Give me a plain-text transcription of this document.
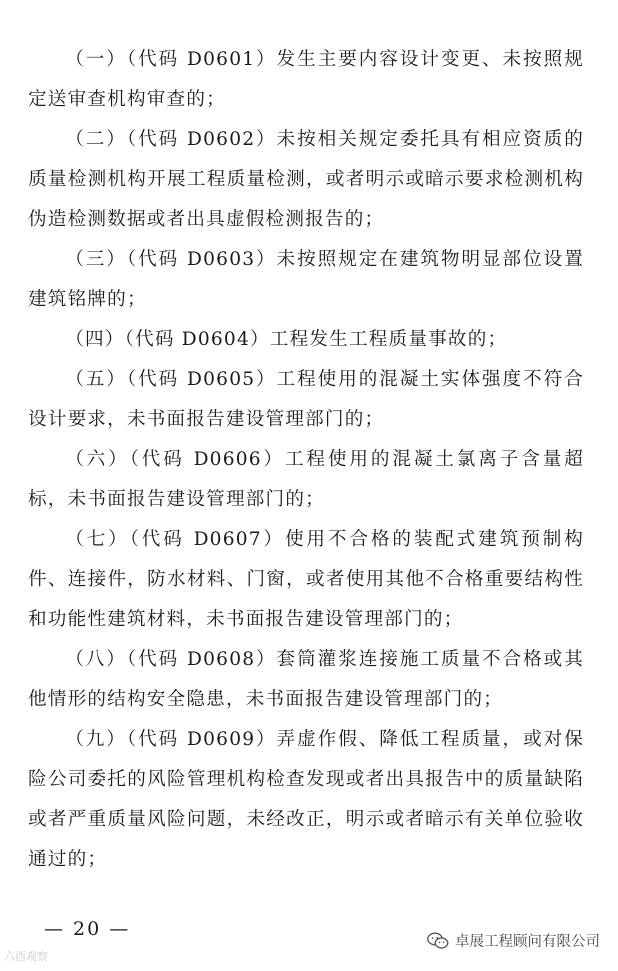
（一）（代码 D0601）发生主要内容设计变更、未按照规定送审查机构审查的；

（二）（代码 D0602）未按相关规定委托具有相应资质的质量检测机构开展工程质量检测，或者明示或暗示要求检测机构伪造检测数据或者出具虚假检测报告的；

（三）（代码 D0603）未按照规定在建筑物明显部位设置建筑铭牌的；

（四）（代码 D0604）工程发生工程质量事故的；

（五）（代码 D0605）工程使用的混凝土实体强度不符合设计要求，未书面报告建设管理部门的；

（六）（代码 D0606）工程使用的混凝土氯离子含量超标，未书面报告建设管理部门的；

（七）（代码 D0607）使用不合格的装配式建筑预制构件、连接件，防水材料、门窗，或者使用其他不合格重要结构性和功能性建筑材料，未书面报告建设管理部门的；

（八）（代码 D0608）套筒灌浆连接施工质量不合格或其他情形的结构安全隐患，未书面报告建设管理部门的；

（九）（代码 D0609）弄虚作假、降低工程质量，或对保险公司委托的风险管理机构检查发现或者出具报告中的质量缺陷或者严重质量风险问题，未经改正，明示或者暗示有关单位验收通过的；

— 20 —
六酉观察
卓展工程顾问有限公司
